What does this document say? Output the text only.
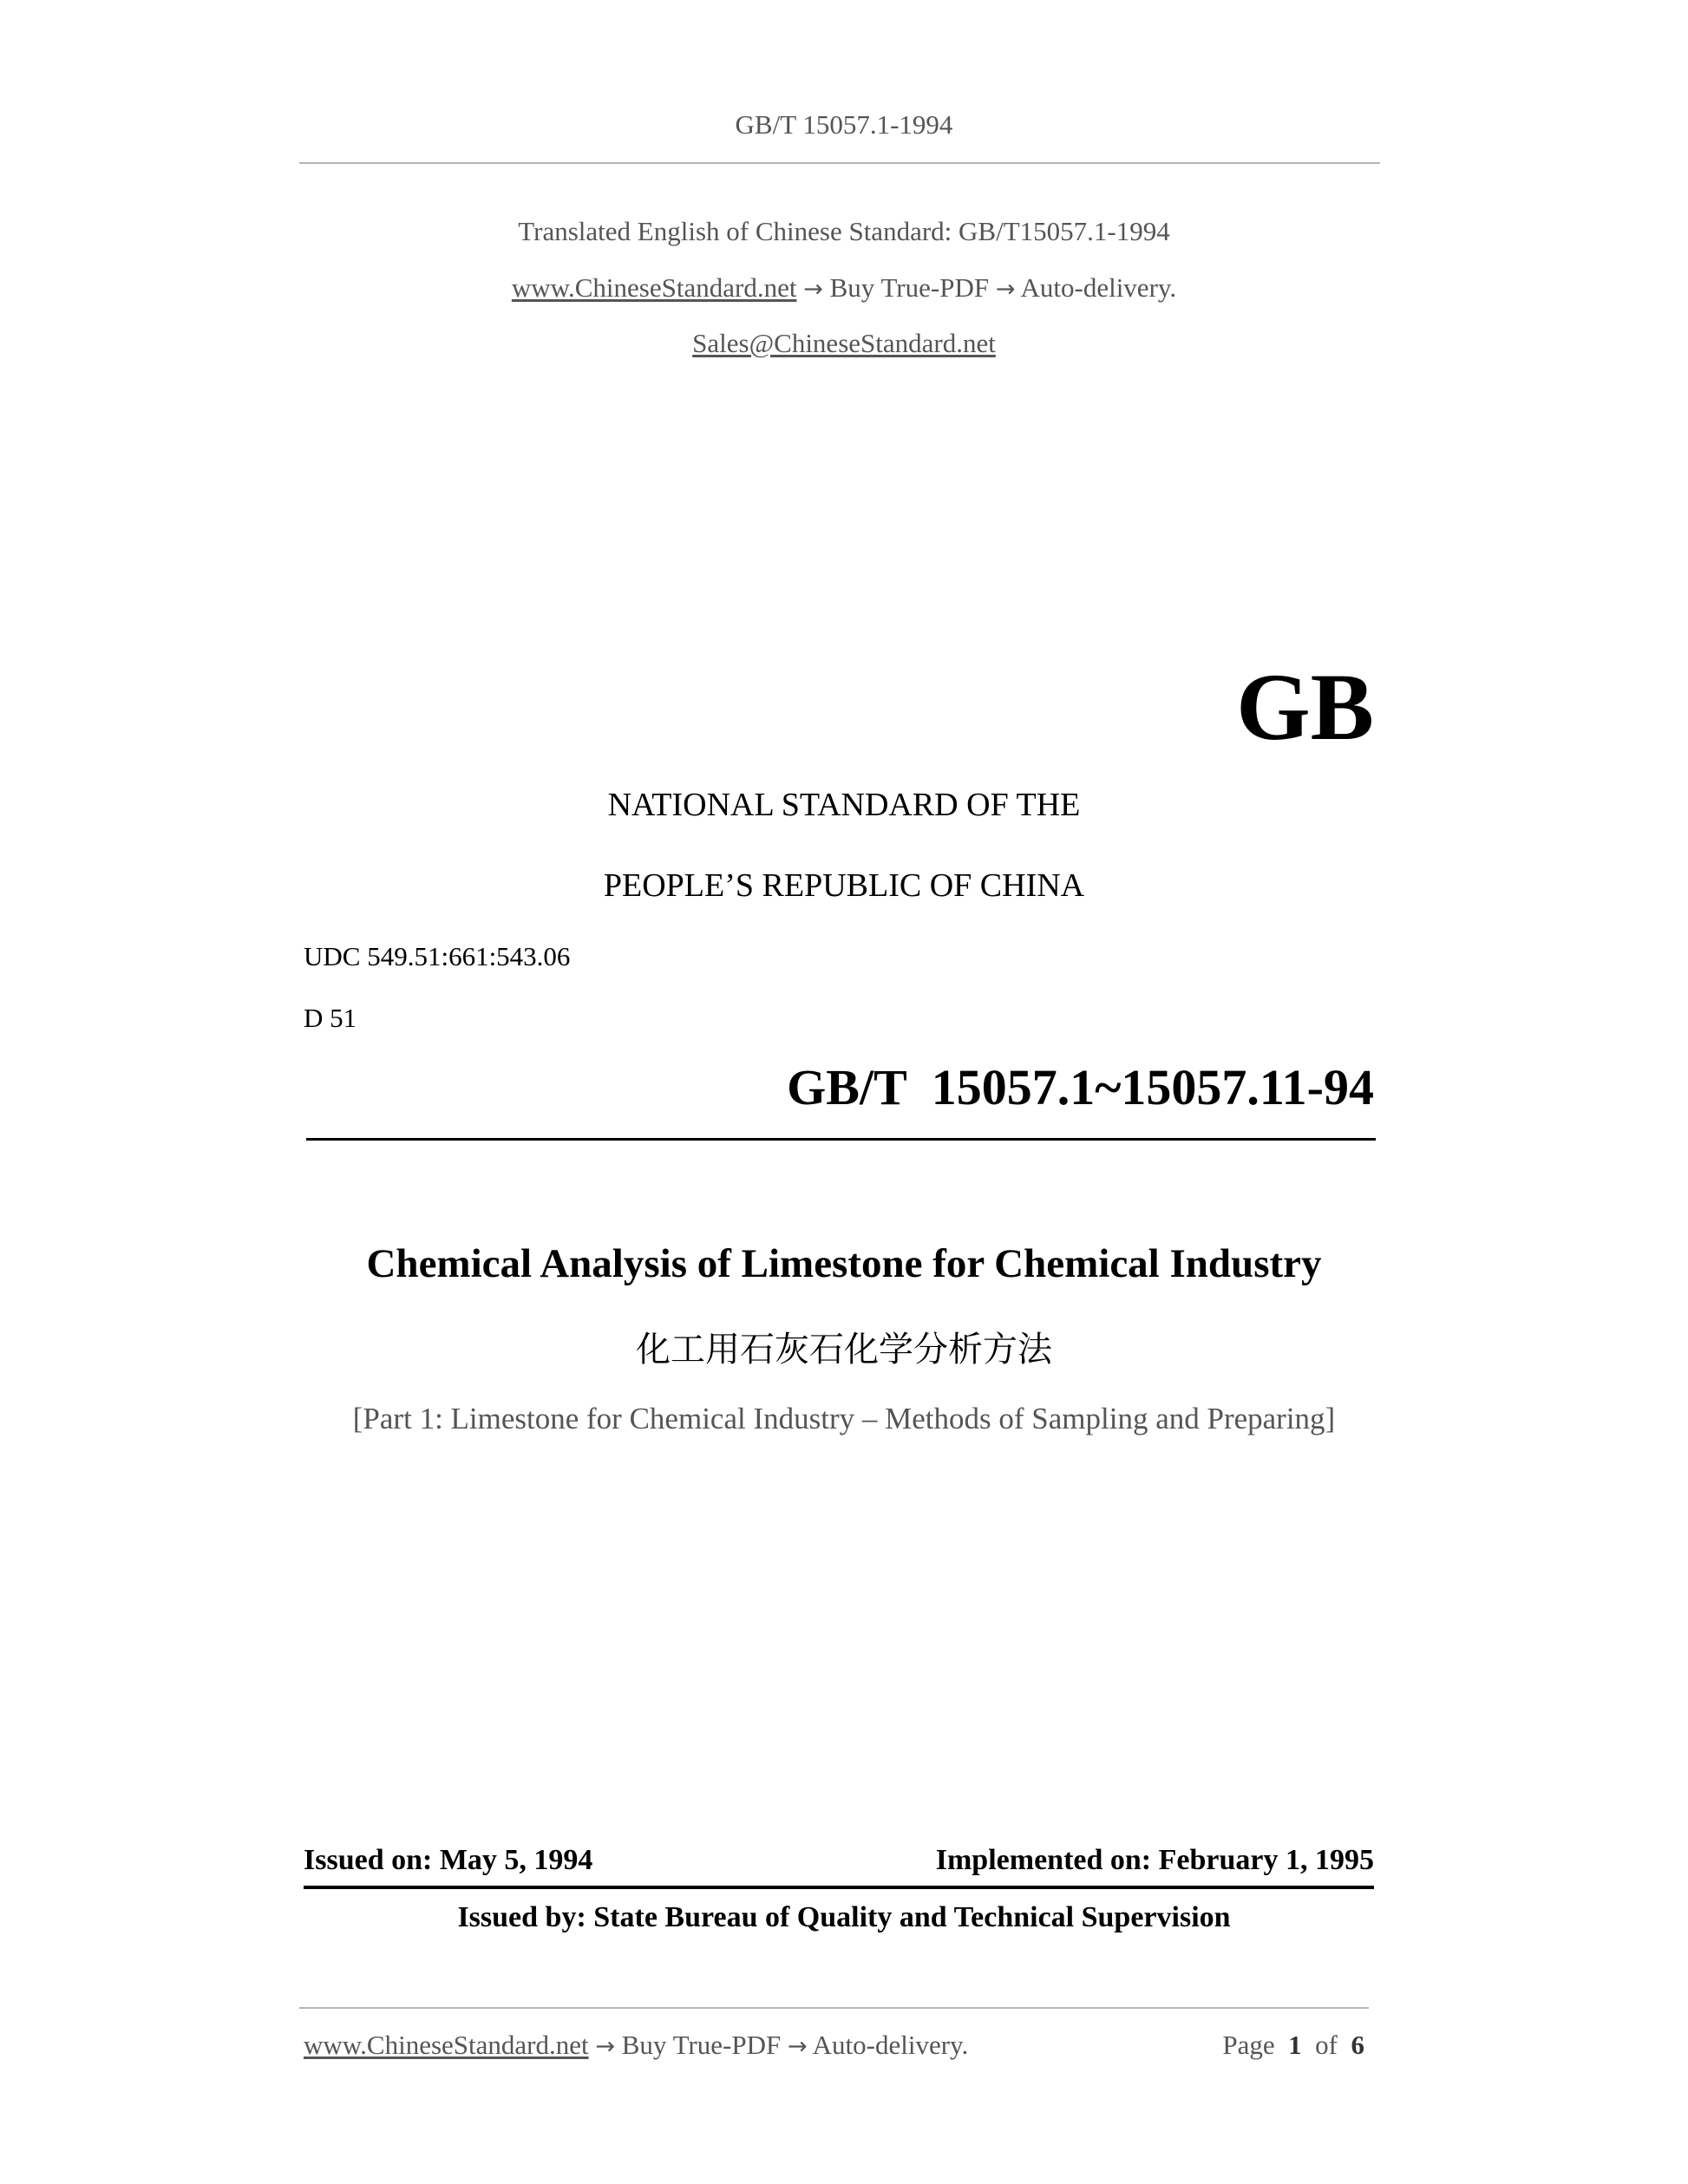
GB/T 15057.1-1994
Translated English of Chinese Standard: GB/T15057.1-1994
www.ChineseStandard.net → Buy True-PDF → Auto-delivery.
Sales@ChineseStandard.net
GB
NATIONAL STANDARD OF THE
PEOPLE’S REPUBLIC OF CHINA
UDC 549.51:661:543.06
D 51
GB/T  15057.1~15057.11-94
Chemical Analysis of Limestone for Chemical Industry
化工用石灰石化学分析方法
[Part 1: Limestone for Chemical Industry – Methods of Sampling and Preparing]
Issued on: May 5, 1994	Implemented on: February 1, 1995
Issued by: State Bureau of Quality and Technical Supervision
www.ChineseStandard.net → Buy True-PDF → Auto-delivery.	Page 1 of 6
